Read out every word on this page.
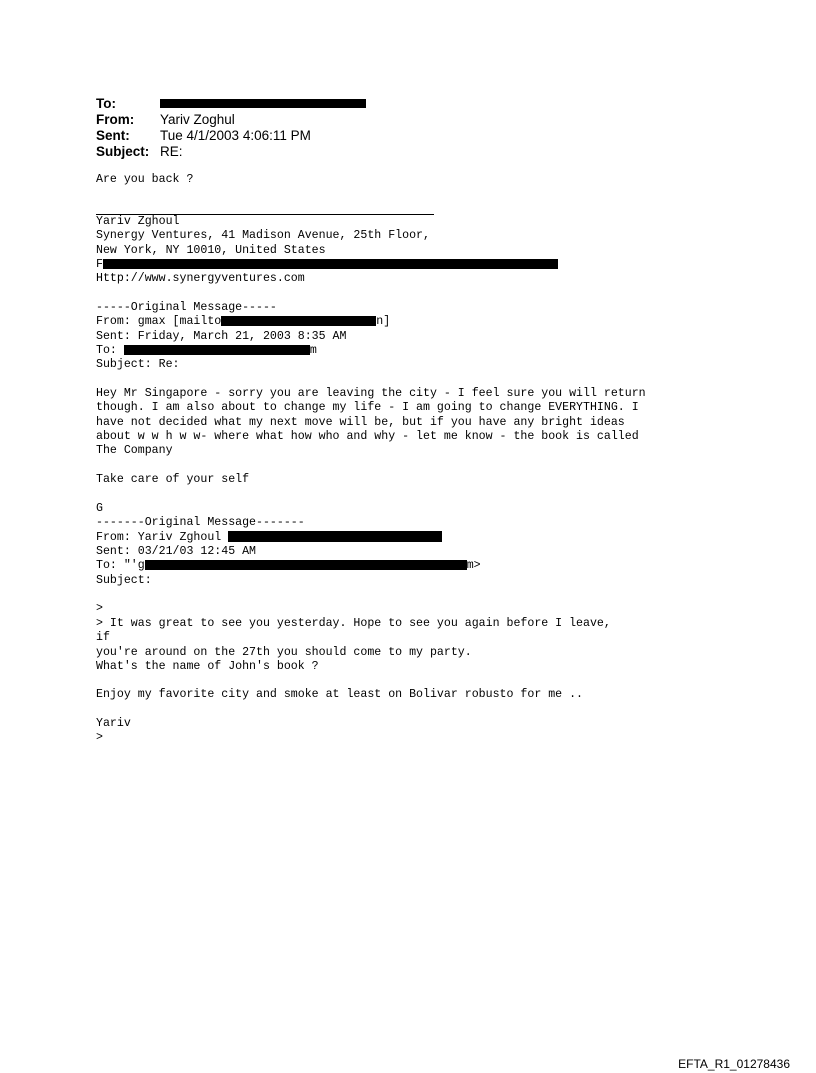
To:
From:	Yariv Zoghul
Sent:	Tue 4/1/2003 4:06:11 PM
Subject: RE:
Are you back ?
Yariv Zghoul
Synergy Ventures, 41 Madison Avenue, 25th Floor,
New York, NY 10010, United States
F
Http://www.synergyventures.com
-----Original Message-----
From: gmax [mailto	n]
Sent: Friday, March 21, 2003 8:35 AM
To:	m
Subject: Re:
Hey Mr Singapore - sorry you are leaving the city - I feel sure you will return
though. I am also about to change my life - I am going to change EVERYTHING. I
have not decided what my next move will be, but if you have any bright ideas
about w w h w w- where what how who and why - let me know - the book is called
The Company
Take care of your self
G
-------Original Message-------
From: Yariv Zghoul
Sent: 03/21/03 12:45 AM
To: "'g	m>
Subject:
>
> It was great to see you yesterday. Hope to see you again before I leave,
if
you're around on the 27th you should come to my party.
What's the name of John's book ?
Enjoy my favorite city and smoke at least on Bolivar robusto for me ..
Yariv
>
EFTA_R1_01278436
